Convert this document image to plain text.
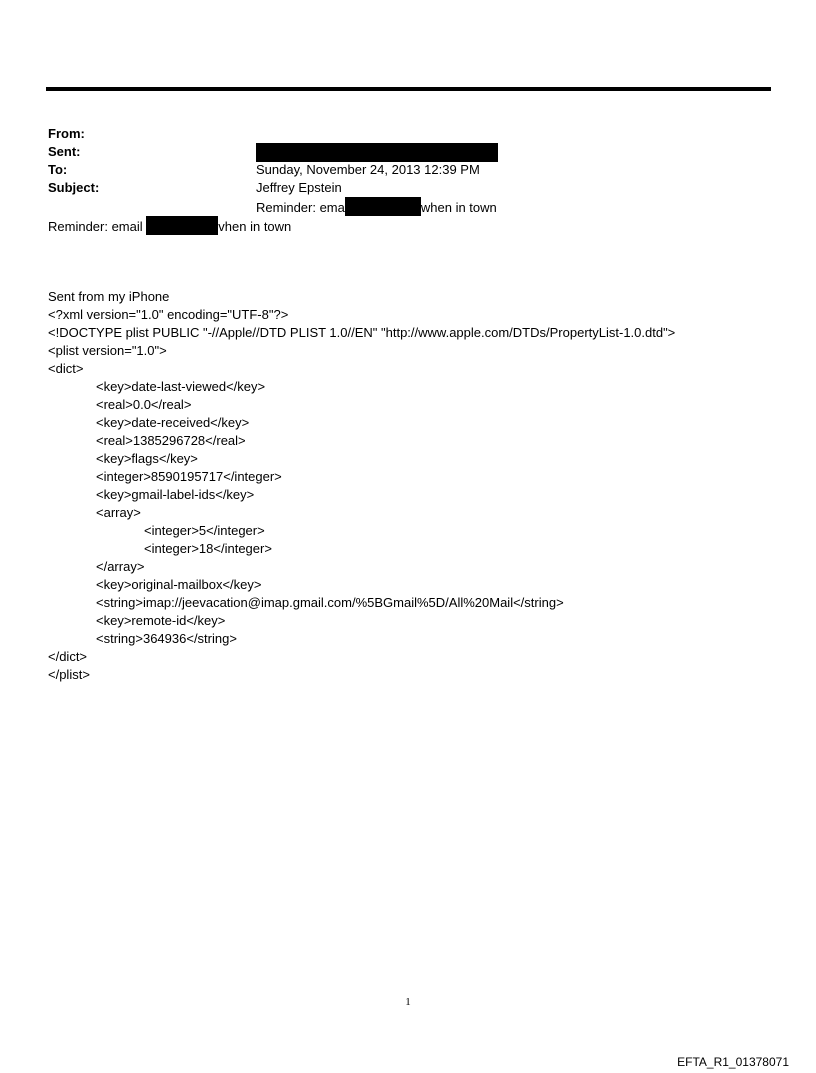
From:

Sent:

Sunday, November 24, 2013 12:39 PM

To:

Jeffrey Epstein

Subject:

Reminder: ema	when in town

Reminder: email	vhen in town
Sent from my iPhone
<?xml version="1.0" encoding="UTF-8"?>
<!DOCTYPE plist PUBLIC "-//Apple//DTD PLIST 1.0//EN" "http://www.apple.com/DTDs/PropertyList-1.0.dtd">
<plist version="1.0">
<dict>
<key>date-last-viewed</key>
<real>0.0</real>
<key>date-received</key>
<real>1385296728</real>
<key>flags</key>
<integer>8590195717</integer>
<key>gmail-label-ids</key>
<array>
<integer>5</integer>
<integer>18</integer>
</array>
<key>original-mailbox</key>
<string>imap://jeevacation@imap.gmail.com/%5BGmail%5D/All%20Mail</string>
<key>remote-id</key>
<string>364936</string>
</dict>
</plist>
1
EFTA_R1_01378071
